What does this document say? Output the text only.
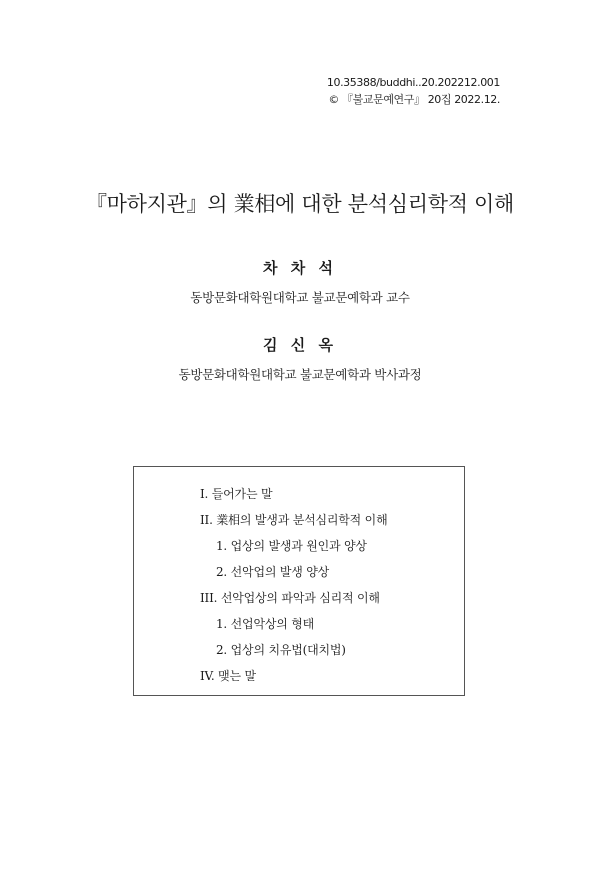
10.35388/buddhi..20.202212.001
© 『불교문예연구』 20집 2022.12.
『마하지관』의 業相에 대한 분석심리학적 이해
차 차 석
동방문화대학원대학교 불교문예학과 교수
김 신 옥
동방문화대학원대학교 불교문예학과 박사과정
I. 들어가는 말
II. 業相의 발생과 분석심리학적 이해
1. 업상의 발생과 원인과 양상
2. 선악업의 발생 양상
III. 선악업상의 파악과 심리적 이해
1. 선업악상의 형태
2. 업상의 치유법(대치법)
IV. 맺는 말
